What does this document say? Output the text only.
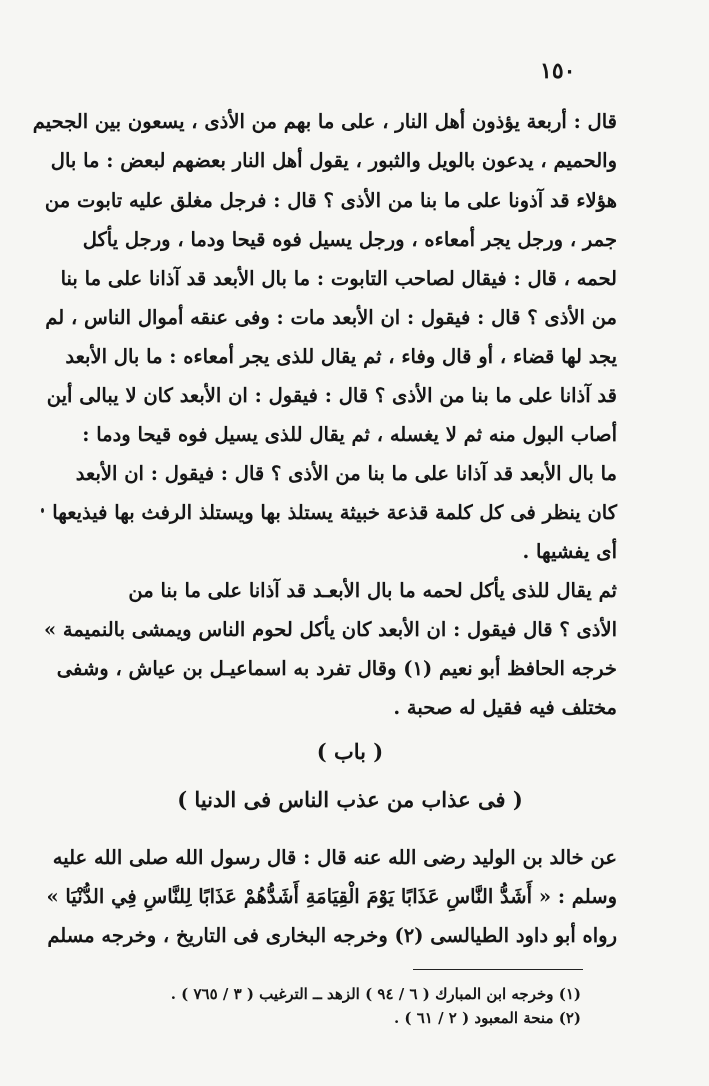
١٥٠
قال : أربعة يؤذون أهل النار ، على ما بهم من الأذى ، يسعون بين الجحيم
والحميم ، يدعون بالويل والثبور ، يقول أهل النار بعضهم لبعض : ما بال
هؤلاء قد آذونا على ما بنا من الأذى ؟ قال : فرجل مغلق عليه تابوت من
جمر ، ورجل يجر أمعاءه ، ورجل يسيل فوه قيحا ودما ، ورجل يأكل
لحمه ، قال : فيقال لصاحب التابوت : ما بال الأبعد قد آذانا على ما بنا
من الأذى ؟ قال : فيقول : ان الأبعد مات : وفى عنقه أموال الناس ، لم
يجد لها قضاء ، أو قال وفاء ، ثم يقال للذى يجر أمعاءه : ما بال الأبعد
قد آذانا على ما بنا من الأذى ؟ قال : فيقول : ان الأبعد كان لا يبالى أين
أصاب البول منه ثم لا يغسله ، ثم يقال للذى يسيل فوه قيحا ودما :
ما بال الأبعد قد آذانا على ما بنا من الأذى ؟ قال : فيقول : ان الأبعد
كان ينظر فى كل كلمة قذعة خبيثة يستلذ بها ويستلذ الرفث بها فيذيعها
أى يفشيها .
ثم يقال للذى يأكل لحمه ما بال الأبعـد قد آذانا على ما بنا من
الأذى ؟ قال فيقول : ان الأبعد كان يأكل لحوم الناس ويمشى بالنميمة »
خرجه الحافظ أبو نعيم (١) وقال تفرد به اسماعيـل بن عياش ، وشفى
مختلف فيه فقيل له صحبة .
( باب )
( فى عذاب من عذب الناس فى الدنيا )
عن خالد بن الوليد رضى الله عنه قال : قال رسول الله صلى الله عليه
وسلم : « أَشَدُّ النَّاسِ عَذَابًا يَوْمَ الْقِيَامَةِ أَشَدُّهُمْ عَذَابًا لِلنَّاسِ فِي الدُّنْيَا »
رواه أبو داود الطيالسى (٢) وخرجه البخارى فى التاريخ ، وخرجه مسلم
(١) وخرجه ابن المبارك ( ٦ / ٩٤ ) الزهد ــ الترغيب ( ٣ / ٧٦٥ ) .
(٢) منحة المعبود ( ٢ / ٦١ ) .
